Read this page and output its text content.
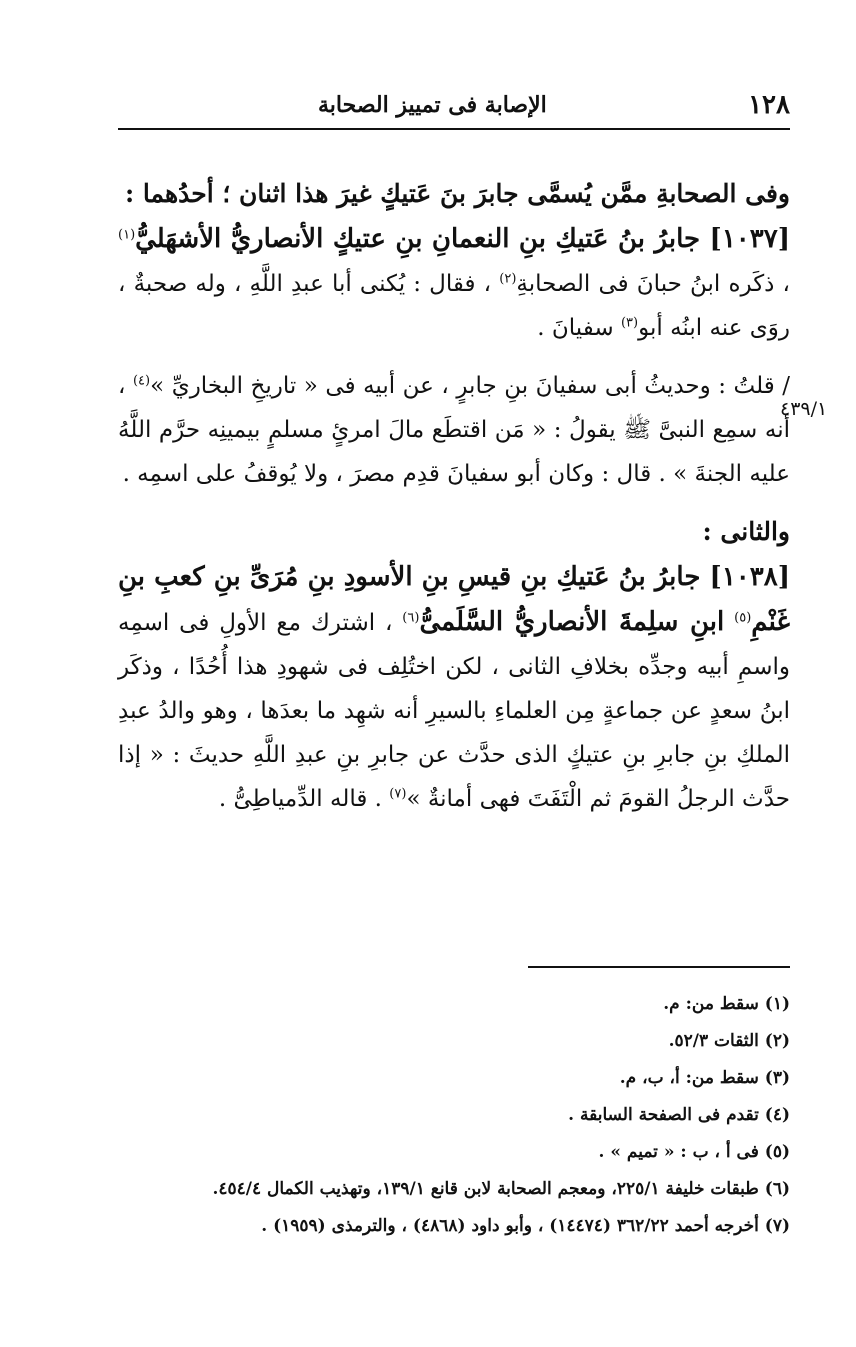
١٢٨
الإصابة فى تمييز الصحابة
٤٣٩/١

وفى الصحابةِ ممَّن يُسمَّى جابرَ بنَ عَتيكٍ غيرَ هذا اثنان ؛ أحدُهما :

[١٠٣٧] جابرُ بنُ عَتيكِ بنِ النعمانِ بنِ عتيكٍ الأنصاريُّ الأشهَليُّ$^{(١)}$ ، ذكَره ابنُ حبانَ فى الصحابةِ$^{(٢)}$ ، فقال : يُكنى أبا عبدِ اللَّهِ ، وله صحبةٌ ، روَى عنه ابنُه أبو$^{(٣)}$ سفيانَ .

/ قلتُ : وحديثُ أبى سفيانَ بنِ جابرٍ ، عن أبيه فى « تاريخِ البخاريِّ »$^{(٤)}$ ، أنه سمِع النبىَّ ﷺ يقولُ : « مَن اقتطَع مالَ امرئٍ مسلمٍ بيمينِه حرَّم اللَّهُ عليه الجنةَ » . قال : وكان أبو سفيانَ قدِم مصرَ ، ولا يُوقفُ على اسمِه .

والثانى :

[١٠٣٨] جابرُ بنُ عَتيكِ بنِ قيسِ بنِ الأسودِ بنِ مُرَىِّ بنِ كعبِ بنِ غَنْمِ$^{(٥)}$ ابنِ سلِمةَ الأنصاريُّ السَّلَمىُّ$^{(٦)}$ ، اشترك مع الأولِ فى اسمِه واسمِ أبيه وجدِّه بخلافِ الثانى ، لكن اختُلِف فى شهودِ هذا أُحُدًا ، وذكَر ابنُ سعدٍ عن جماعةٍ مِن العلماءِ بالسيرِ أنه شهِد ما بعدَها ، وهو والدُ عبدِ الملكِ بنِ جابرِ بنِ عتيكٍ الذى حدَّث عن جابرِ بنِ عبدِ اللَّهِ حديثَ : « إذا حدَّث الرجلُ القومَ ثم الْتَفَتَ فهى أمانةٌ »$^{(٧)}$ . قاله الدِّمياطِىُّ .

(١) سقط من: م.

(٢) الثقات ٥٢/٣.

(٣) سقط من: أ، ب، م.

(٤) تقدم فى الصفحة السابقة .

(٥) فى أ ، ب : « تميم » .

(٦) طبقات خليفة ٢٢٥/١، ومعجم الصحابة لابن قانع ١٣٩/١، وتهذيب الكمال ٤٥٤/٤.

(٧) أخرجه أحمد ٣٦٢/٢٢ (١٤٤٧٤) ، وأبو داود (٤٨٦٨) ، والترمذى (١٩٥٩) .
